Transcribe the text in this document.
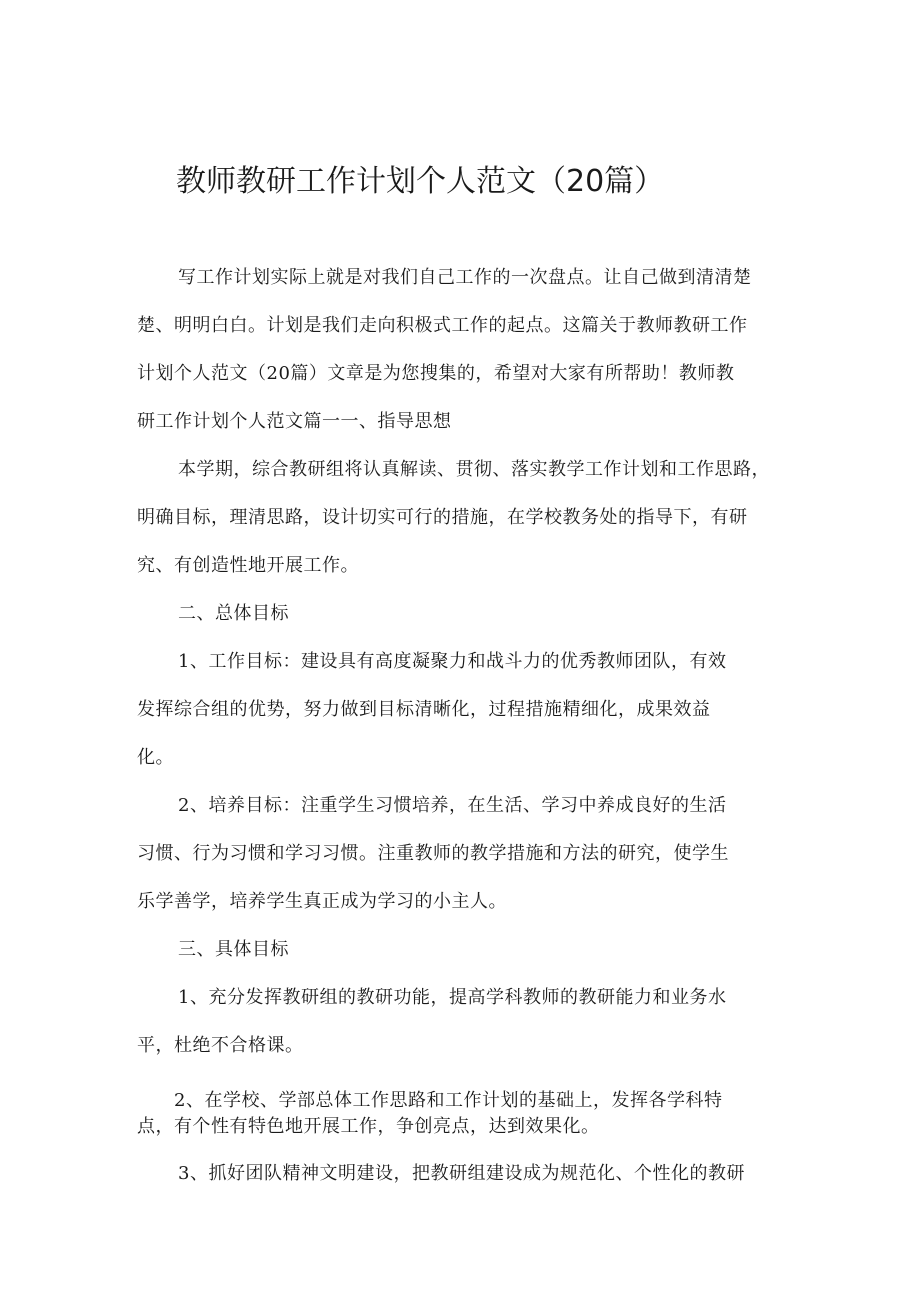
教师教研工作计划个人范文（20篇）
写工作计划实际上就是对我们自己工作的一次盘点。让自己做到清清楚
楚、明明白白。计划是我们走向积极式工作的起点。这篇关于教师教研工作
计划个人范文（20篇）文章是为您搜集的，希望对大家有所帮助！教师教
研工作计划个人范文篇一一、指导思想
本学期，综合教研组将认真解读、贯彻、落实教学工作计划和工作思路，
明确目标，理清思路，设计切实可行的措施，在学校教务处的指导下，有研
究、有创造性地开展工作。
二、总体目标
1、工作目标：建设具有高度凝聚力和战斗力的优秀教师团队，有效
发挥综合组的优势，努力做到目标清晰化，过程措施精细化，成果效益
化。
2、培养目标：注重学生习惯培养，在生活、学习中养成良好的生活
习惯、行为习惯和学习习惯。注重教师的教学措施和方法的研究，使学生
乐学善学，培养学生真正成为学习的小主人。
三、具体目标
1、充分发挥教研组的教研功能，提高学科教师的教研能力和业务水
平，杜绝不合格课。
2、在学校、学部总体工作思路和工作计划的基础上，发挥各学科特
点，有个性有特色地开展工作，争创亮点，达到效果化。
3、抓好团队精神文明建设，把教研组建设成为规范化、个性化的教研
